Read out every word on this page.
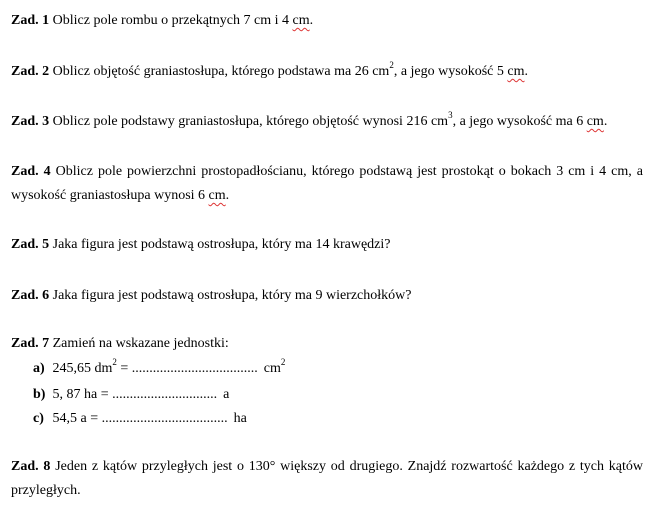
Zad. 1 Oblicz pole rombu o przekątnych 7 cm i 4 cm.
Zad. 2 Oblicz objętość graniastosłupa, którego podstawa ma 26 $cm^2$, a jego wysokość 5 cm.
Zad. 3 Oblicz pole podstawy graniastosłupa, którego objętość wynosi 216 $cm^3$, a jego wysokość ma 6 cm.
Zad. 4 Oblicz pole powierzchni prostopadłościanu, którego podstawą jest prostokąt o bokach 3 cm i 4 cm, a wysokość graniastosłupa wynosi 6 cm.
Zad. 5 Jaka figura jest podstawą ostrosłupa, który ma 14 krawędzi?
Zad. 6 Jaka figura jest podstawą ostrosłupa, który ma 9 wierzchołków?
Zad. 7 Zamień na wskazane jednostki:
a) 245,65 $dm^2$ = .................................... $cm^2$
b) 5, 87 ha = .............................. a
c) 54,5 a = .................................... ha
Zad. 8 Jeden z kątów przyległych jest o 130° większy od drugiego. Znajdź rozwartość każdego z tych kątów przyległych.
